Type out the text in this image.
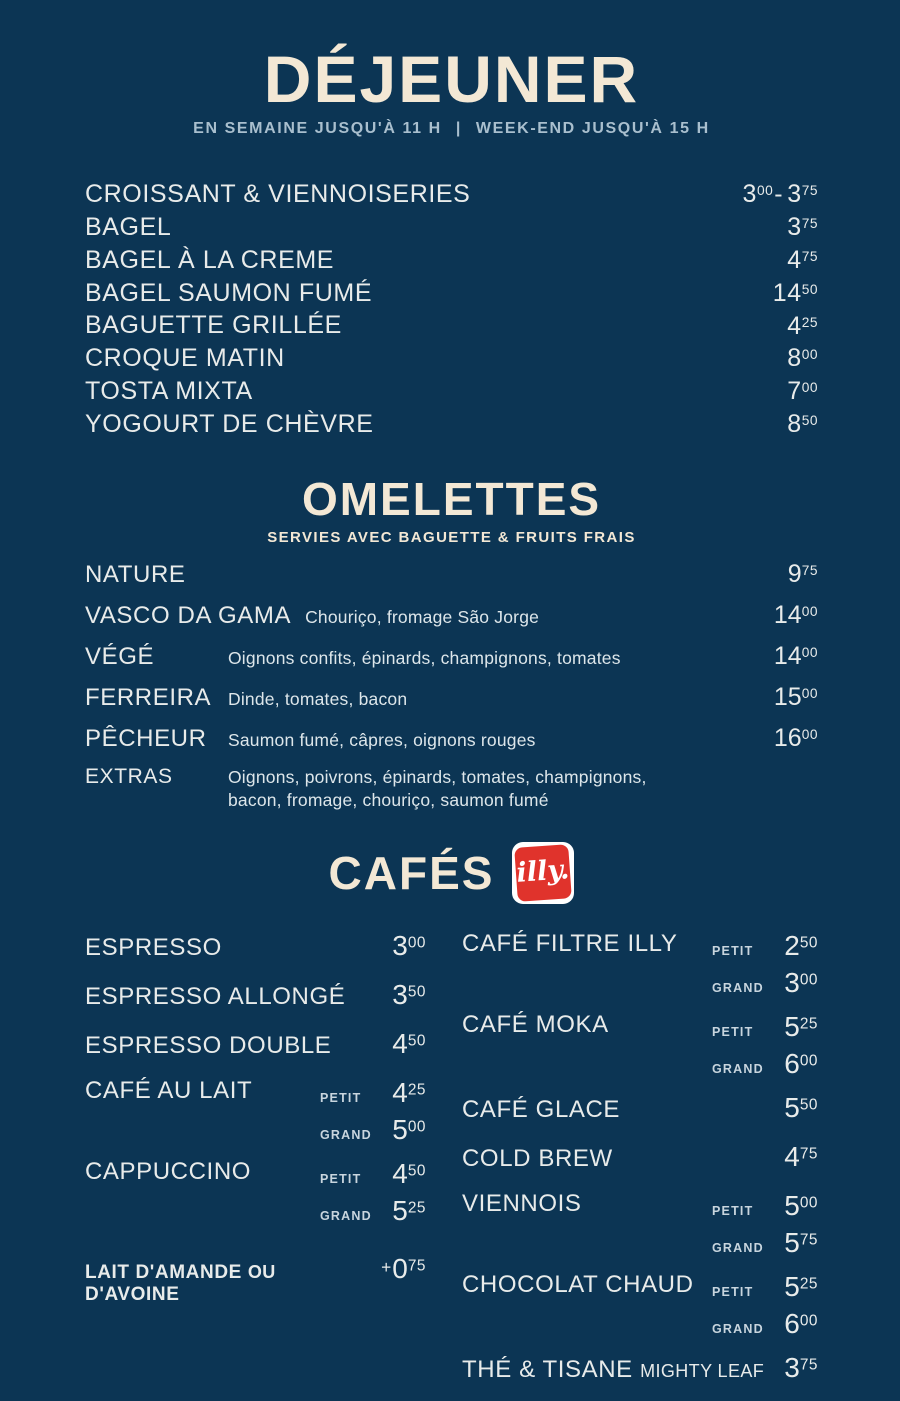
DÉJEUNER
EN SEMAINE JUSQU'À 11 H | WEEK-END JUSQU'À 15 H
CROISSANT & VIENNOISERIES	$3^{00}-$ $3^{75}$
BAGEL	$3^{75}$
BAGEL À LA CREME	$4^{75}$
BAGEL SAUMON FUMÉ	$14^{50}$
BAGUETTE GRILLÉE	$4^{25}$
CROQUE MATIN	$8^{00}$
TOSTA MIXTA	$7^{00}$
YOGOURT DE CHÈVRE	$8^{50}$
OMELETTES
SERVIES AVEC BAGUETTE & FRUITS FRAIS
NATURE	$9^{75}$
VASCO DA GAMA Chouriço, fromage São Jorge	$14^{00}$
VÉGÉ	Oignons confits, épinards, champignons, tomates	$14^{00}$
FERREIRA Dinde, tomates, bacon	$15^{00}$
PÊCHEUR	Saumon fumé, câpres, oignons rouges	$16^{00}$
EXTRAS	Oignons, poivrons, épinards, tomates, champignons, bacon, fromage, chouriço, saumon fumé
CAFÉS illy.
ESPRESSO	$3^{00}$
ESPRESSO ALLONGÉ $3^{50}$
ESPRESSO DOUBLE $4^{50}$
CAFÉ AU LAIT	PETIT $4^{25}$
GRAND $5^{00}$
CAPPUCCINO	PETIT $4^{50}$
GRAND $5^{25}$
LAIT D'AMANDE OU D'AVOINE
$+0^{75}$
CAFÉ FILTRE ILLY	PETIT $2^{50}$
GRAND $3^{00}$
CAFÉ MOKA	PETIT $5^{25}$
GRAND $6^{00}$
CAFÉ GLACE	$5^{50}$
COLD BREW	$4^{75}$
VIENNOIS	PETIT $5^{00}$
GRAND $5^{75}$
CHOCOLAT CHAUD	PETIT $5^{25}$
GRAND $6^{00}$
THÉ & TISANE MIGHTY LEAF $3^{75}$
